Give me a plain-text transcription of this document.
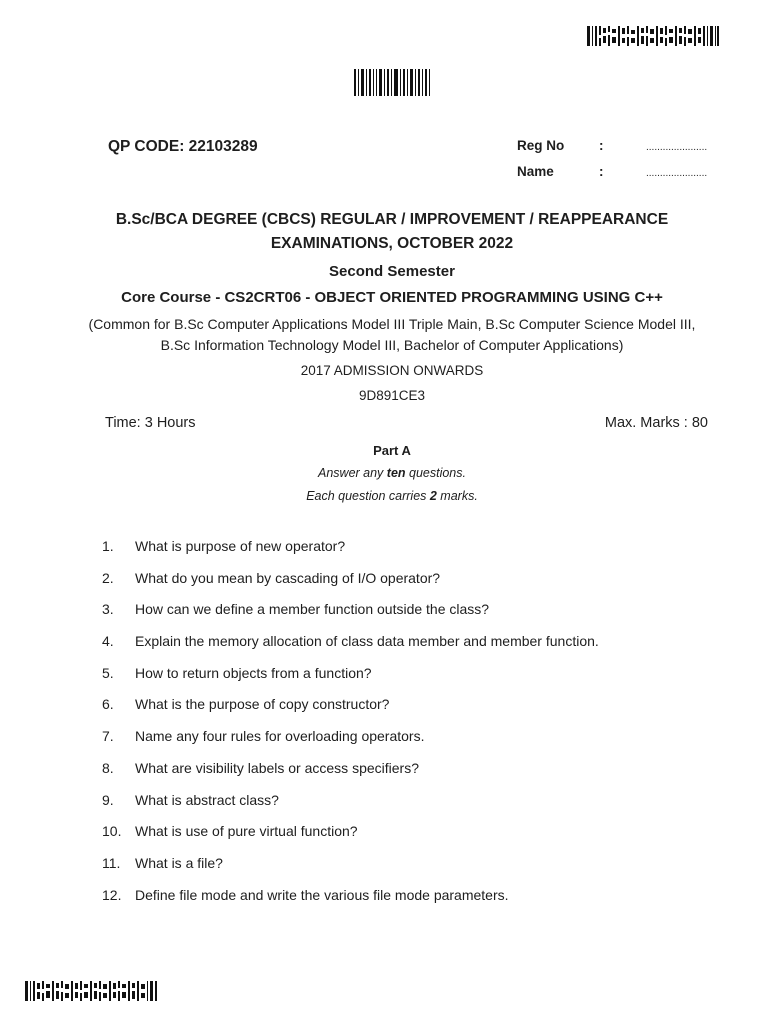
QP CODE: 22103289	Reg No	:	......................
Name	:	......................
B.Sc/BCA DEGREE (CBCS) REGULAR / IMPROVEMENT / REAPPEARANCE
EXAMINATIONS, OCTOBER 2022
Second Semester
Core Course - CS2CRT06 - OBJECT ORIENTED PROGRAMMING USING C++
(Common for B.Sc Computer Applications Model III Triple Main, B.Sc Computer Science Model III,
B.Sc Information Technology Model III, Bachelor of Computer Applications)
2017 ADMISSION ONWARDS
9D891CE3
Time: 3 Hours	Max. Marks : 80
Part A
Answer any ten questions.
Each question carries 2 marks.
1.	What is purpose of new operator?
2.	What do you mean by cascading of I/O operator?
3.	How can we define a member function outside the class?
4.	Explain the memory allocation of class data member and member function.
5.	How to return objects from a function?
6.	What is the purpose of copy constructor?
7.	Name any four rules for overloading operators.
8.	What are visibility labels or access specifiers?
9.	What is abstract class?
10. What is use of pure virtual function?
11.	What is a file?
12. Define file mode and write the various file mode parameters.
